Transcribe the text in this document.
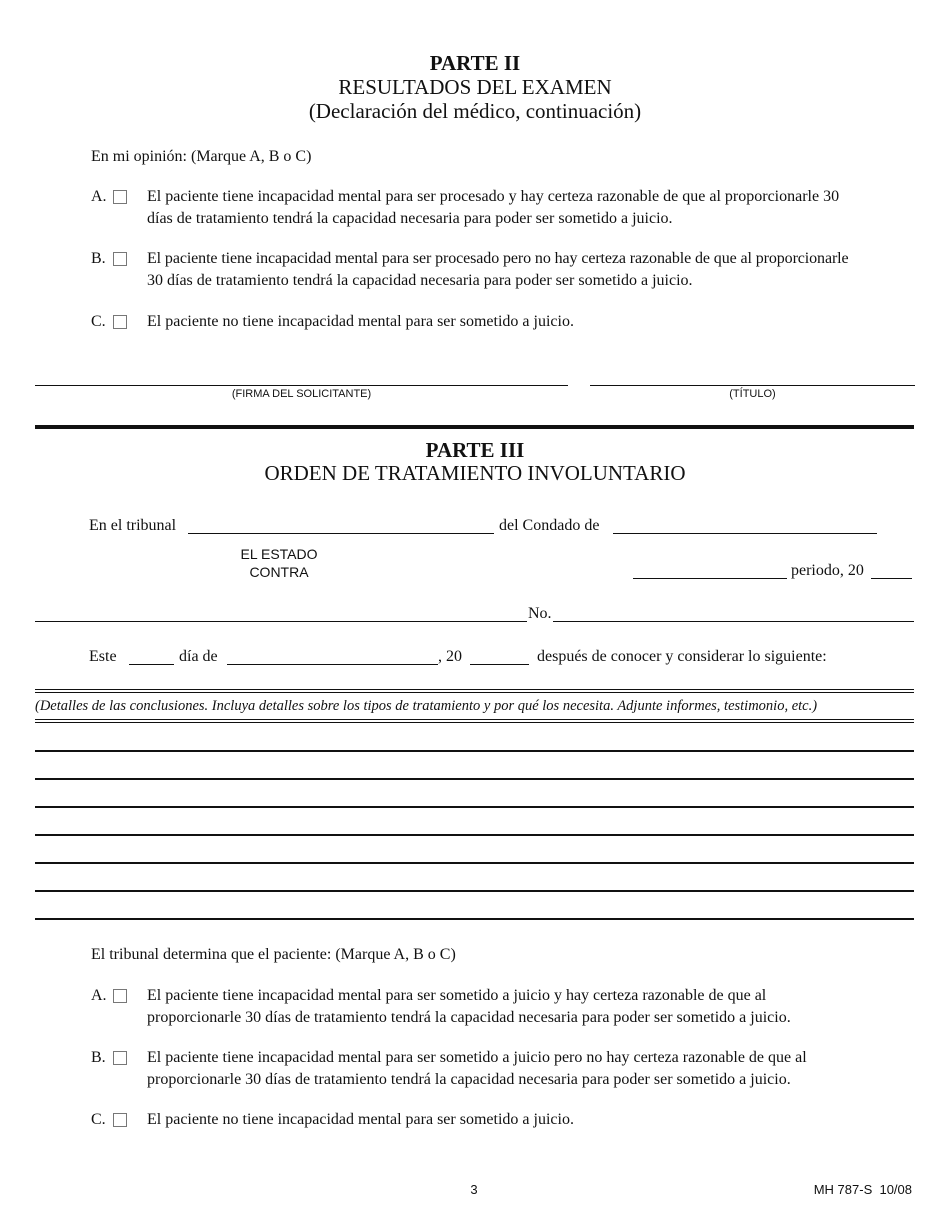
PARTE II
RESULTADOS DEL EXAMEN
(Declaración del médico, continuación)
En mi opinión: (Marque A, B o C)
A.	El paciente tiene incapacidad mental para ser procesado y hay certeza razonable de que al proporcionarle 30
días de tratamiento tendrá la capacidad necesaria para poder ser sometido a juicio.
B.	El paciente tiene incapacidad mental para ser procesado pero no hay certeza razonable de que al proporcionarle
30 días de tratamiento tendrá la capacidad necesaria para poder ser sometido a juicio.
C.	El paciente no tiene incapacidad mental para ser sometido a juicio.
(FIRMA DEL SOLICITANTE)	(TÍTULO)
PARTE III
ORDEN DE TRATAMIENTO INVOLUNTARIO
En el tribunal	del Condado de
EL ESTADO
CONTRA	periodo, 20
No.
Este	día de	, 20	después de conocer y considerar lo siguiente:
(Detalles de las conclusiones. Incluya detalles sobre los tipos de tratamiento y por qué los necesita. Adjunte informes, testimonio, etc.)
El tribunal determina que el paciente: (Marque A, B o C)
A.	El paciente tiene incapacidad mental para ser sometido a juicio y hay certeza razonable de que al
proporcionarle 30 días de tratamiento tendrá la capacidad necesaria para poder ser sometido a juicio.
B.	El paciente tiene incapacidad mental para ser sometido a juicio pero no hay certeza razonable de que al
proporcionarle 30 días de tratamiento tendrá la capacidad necesaria para poder ser sometido a juicio.
C.	El paciente no tiene incapacidad mental para ser sometido a juicio.
3	MH 787-S  10/08
